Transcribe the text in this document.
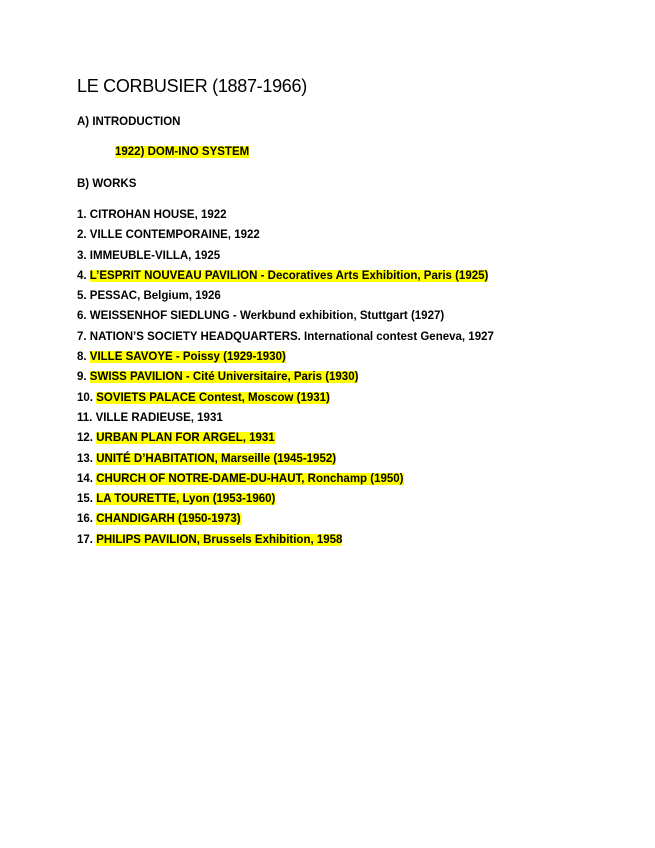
LE CORBUSIER (1887-1966)
A) INTRODUCTION
1922) DOM-INO SYSTEM
B) WORKS
1. CITROHAN HOUSE, 1922
2. VILLE CONTEMPORAINE, 1922
3. IMMEUBLE-VILLA, 1925
4. L’ESPRIT NOUVEAU PAVILION - Decoratives Arts Exhibition, Paris (1925)
5. PESSAC, Belgium, 1926
6. WEISSENHOF SIEDLUNG - Werkbund exhibition, Stuttgart (1927)
7. NATION’S SOCIETY HEADQUARTERS. International contest Geneva, 1927
8. VILLE SAVOYE - Poissy (1929-1930)
9. SWISS PAVILION - Cité Universitaire, Paris (1930)
10. SOVIETS PALACE Contest, Moscow (1931)
11. VILLE RADIEUSE, 1931
12. URBAN PLAN FOR ARGEL, 1931
13. UNITÉ D’HABITATION, Marseille (1945-1952)
14. CHURCH OF NOTRE-DAME-DU-HAUT, Ronchamp (1950)
15. LA TOURETTE, Lyon (1953-1960)
16. CHANDIGARH (1950-1973)
17. PHILIPS PAVILION, Brussels Exhibition, 1958
